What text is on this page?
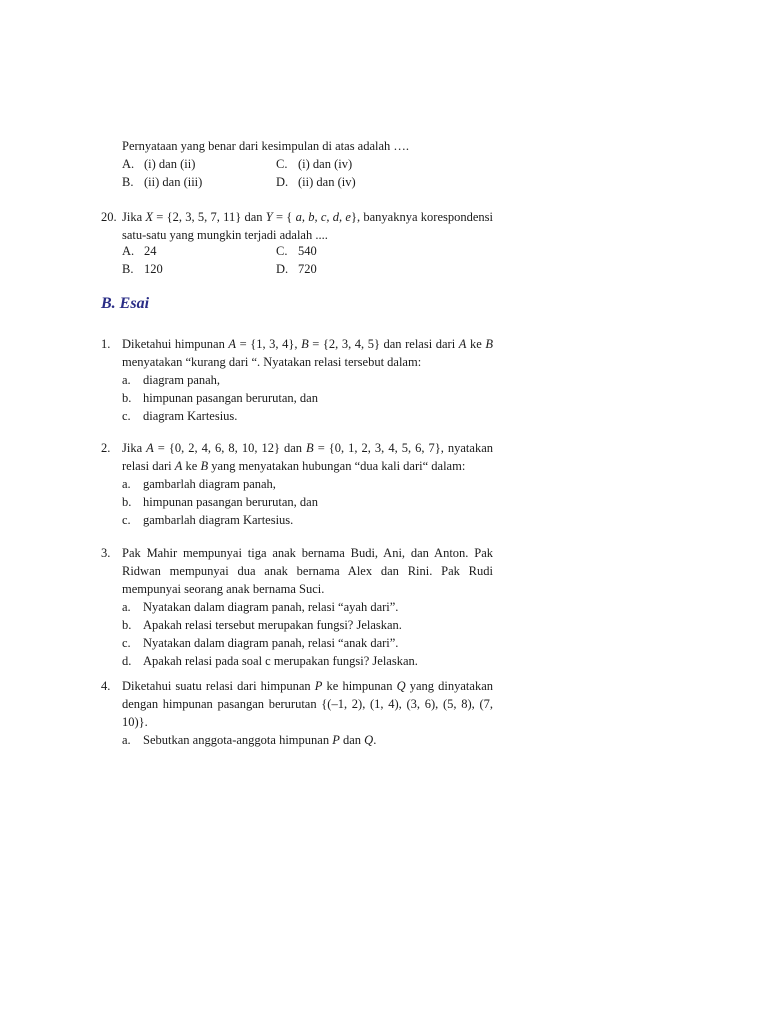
Pernyataan yang benar dari kesimpulan di atas adalah ….
A. (i) dan (ii)	C. (i) dan (iv)
B. (ii) dan (iii)	D. (ii) dan (iv)
20. Jika X = {2, 3, 5, 7, 11} dan Y = { a, b, c, d, e}, banyaknya korespondensi satu-satu yang mungkin terjadi adalah ....
A. 24	C. 540
B. 120	D. 720
B. Esai
1. Diketahui himpunan A = {1, 3, 4}, B = {2, 3, 4, 5} dan relasi dari A ke B menyatakan “kurang dari “. Nyatakan relasi tersebut dalam:
a. diagram panah,
b. himpunan pasangan berurutan, dan
c. diagram Kartesius.
2. Jika A = {0, 2, 4, 6, 8, 10, 12} dan B = {0, 1, 2, 3, 4, 5, 6, 7}, nyatakan relasi dari A ke B yang menyatakan hubungan “dua kali dari“ dalam:
a. gambarlah diagram panah,
b. himpunan pasangan berurutan, dan
c. gambarlah diagram Kartesius.
3. Pak Mahir mempunyai tiga anak bernama Budi, Ani, dan Anton. Pak Ridwan mempunyai dua anak bernama Alex dan Rini. Pak Rudi mempunyai seorang anak bernama Suci.
a. Nyatakan dalam diagram panah, relasi “ayah dari”.
b. Apakah relasi tersebut merupakan fungsi? Jelaskan.
c. Nyatakan dalam diagram panah, relasi “anak dari”.
d. Apakah relasi pada soal c merupakan fungsi? Jelaskan.
4. Diketahui suatu relasi dari himpunan P ke himpunan Q yang dinyatakan dengan himpunan pasangan berurutan {(–1, 2), (1, 4), (3, 6), (5, 8), (7, 10)}.
a. Sebutkan anggota-anggota himpunan P dan Q.
